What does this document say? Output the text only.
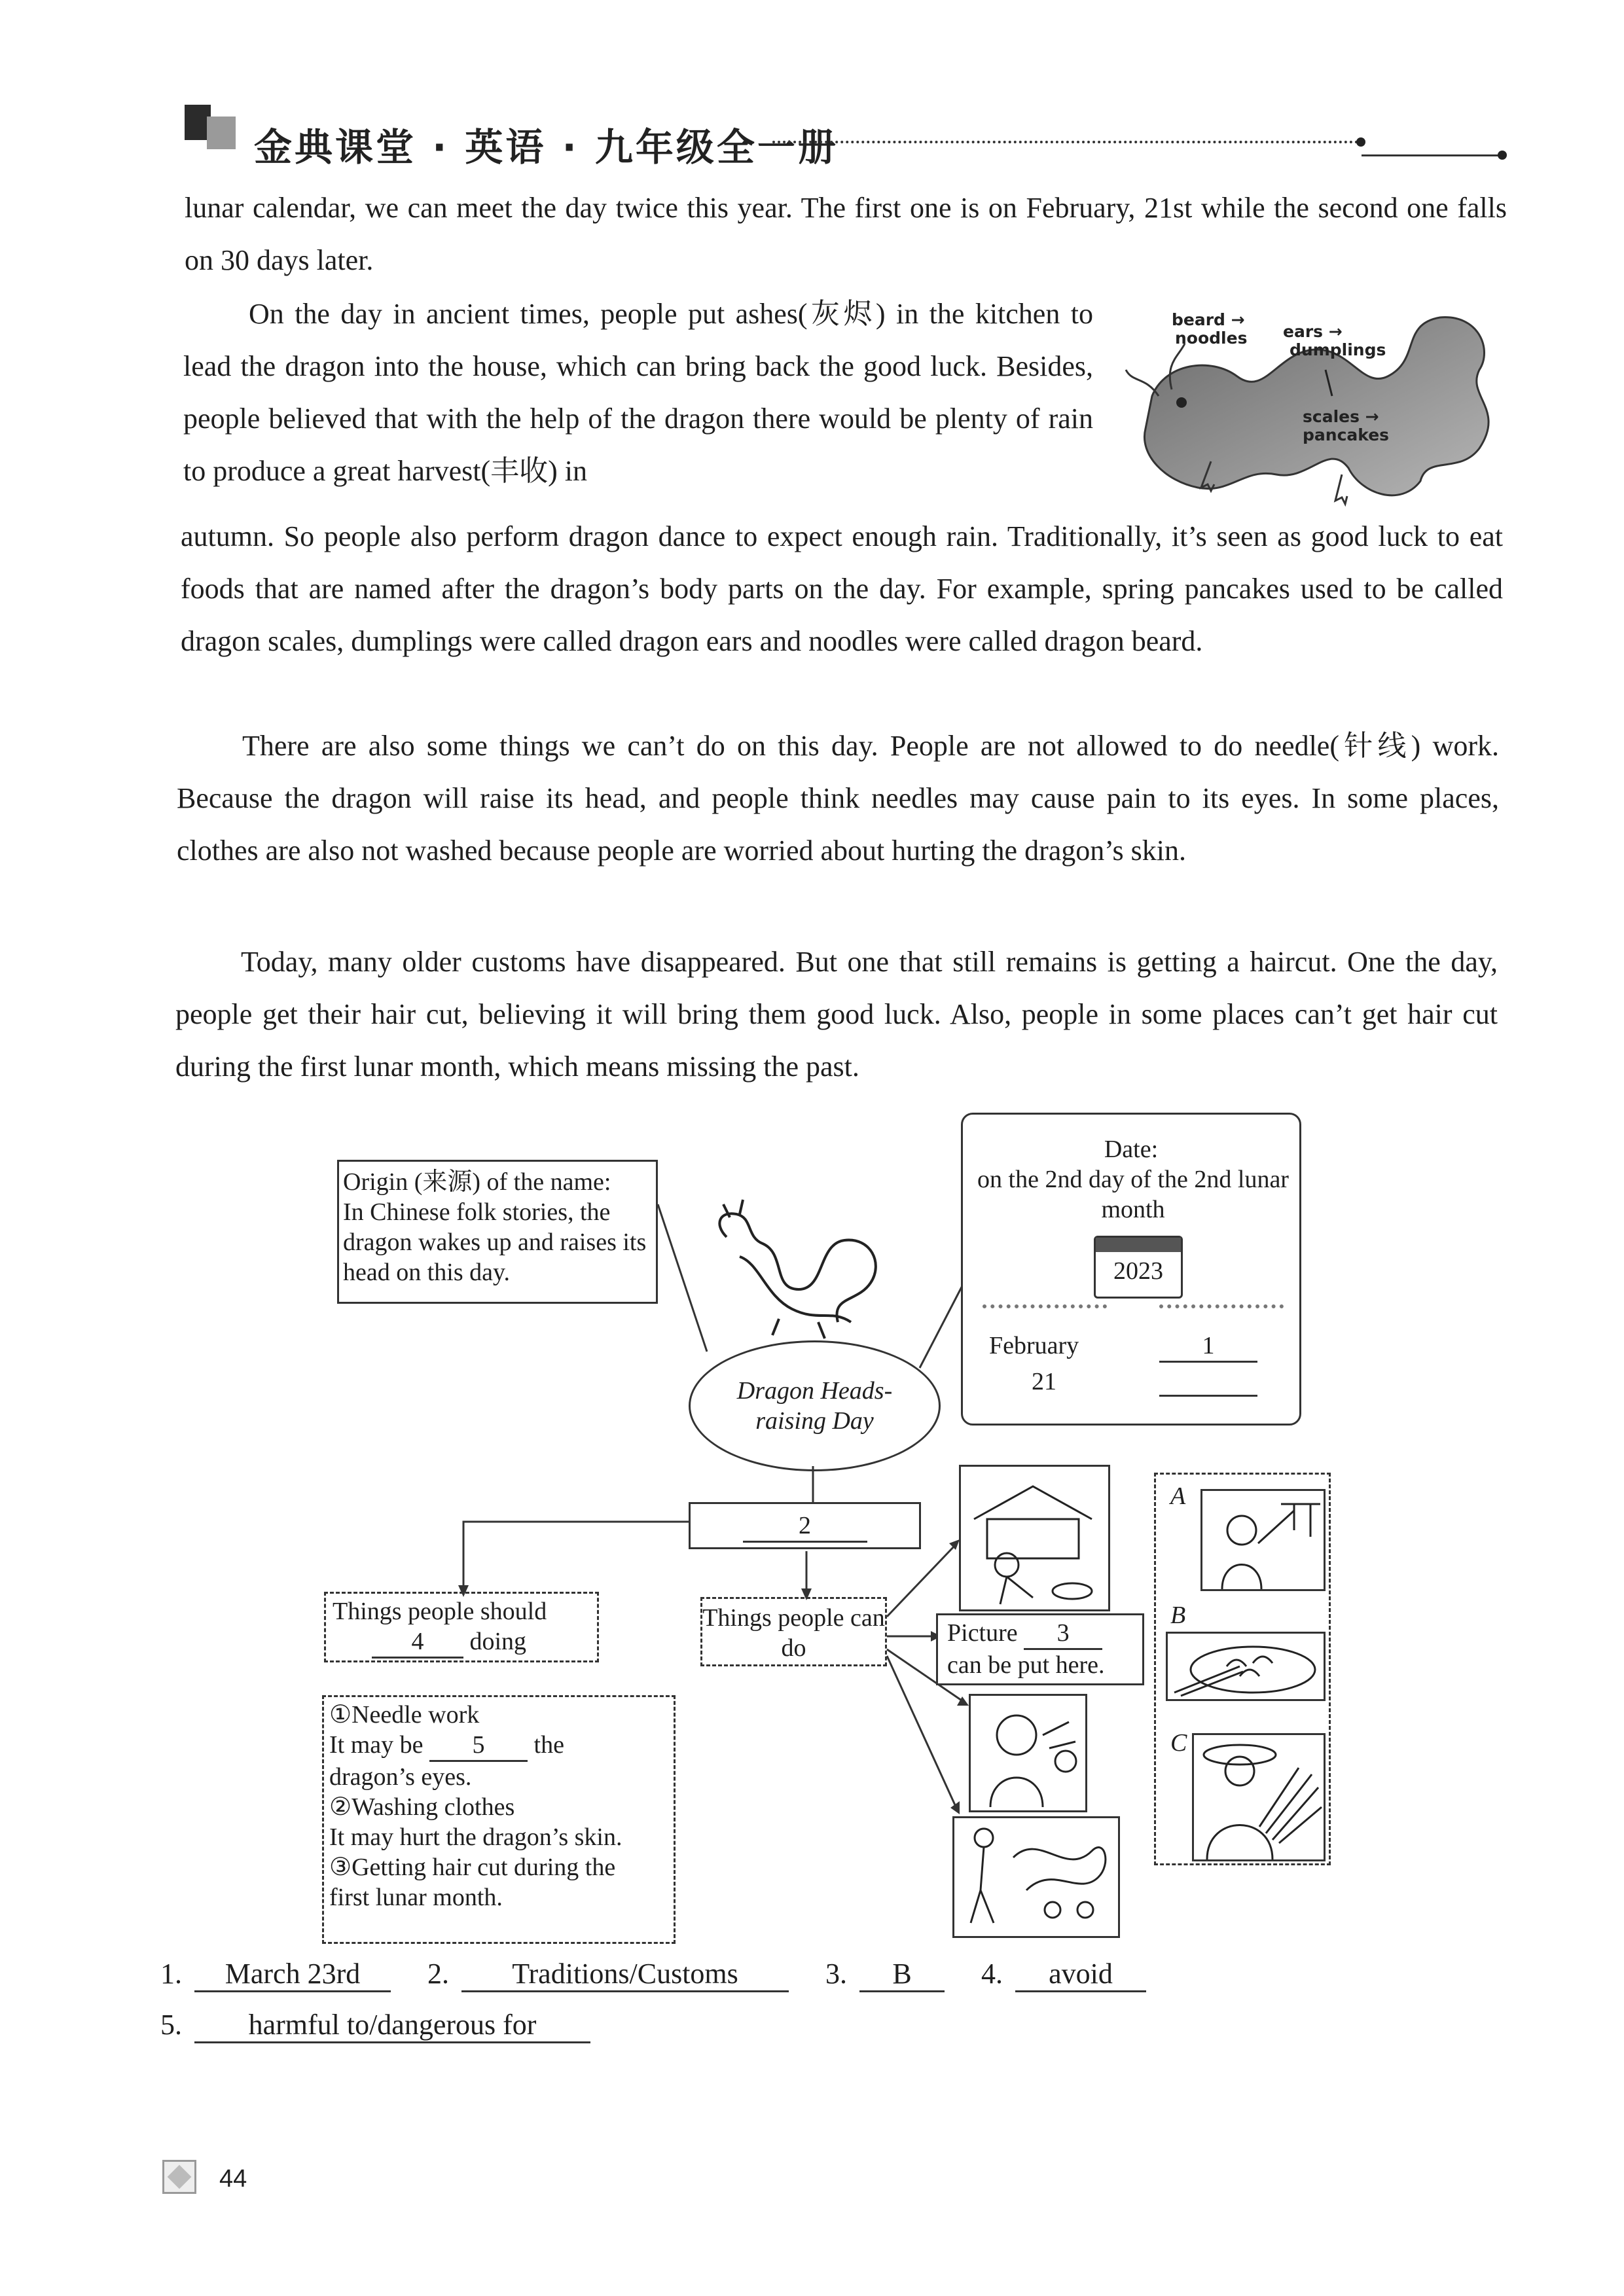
金典课堂 · 英语 · 九年级全一册
lunar calendar, we can meet the day twice this year. The first one is on February, 21st while the second one falls on 30 days later.
On the day in ancient times, people put ashes(灰烬) in the kitchen to lead the dragon into the house, which can bring back the good luck. Besides, people believed that with the help of the dragon there would be plenty of rain to produce a great harvest(丰收) in
autumn. So people also perform dragon dance to expect enough rain. Traditionally, it’s seen as good luck to eat foods that are named after the dragon’s body parts on the day. For example, spring pancakes used to be called dragon scales, dumplings were called dragon ears and noodles were called dragon beard.
beard →
noodles ears →
dumplings
scales →
pancakes
There are also some things we can’t do on this day. People are not allowed to do needle(针线) work. Because the dragon will raise its head, and people think needles may cause pain to its eyes. In some places, clothes are also not washed because people are worried about hurting the dragon’s skin.
Today, many older customs have disappeared. But one that still remains is getting a haircut. One the day, people get their hair cut, believing it will bring them good luck. Also, people in some places can’t get hair cut during the first lunar month, which means missing the past.
Origin (来源) of the name:
In Chinese folk stories, the dragon wakes up and raises its head on this day.
Dragon Heads-raising Day
Date:
on the 2nd day of the 2nd lunar month
2023
February
21
1
2
Things people should
4 doing
①Needle work
It may be 5 the
dragon’s eyes.
②Washing clothes
It may hurt the dragon’s skin.
③Getting hair cut during the
first lunar month.
Things people can do
Picture 3
can be put here.
A
B
C
1. March 23rd 2. Traditions/Customs	3. B 4. avoid
5. harmful to/dangerous for
44
